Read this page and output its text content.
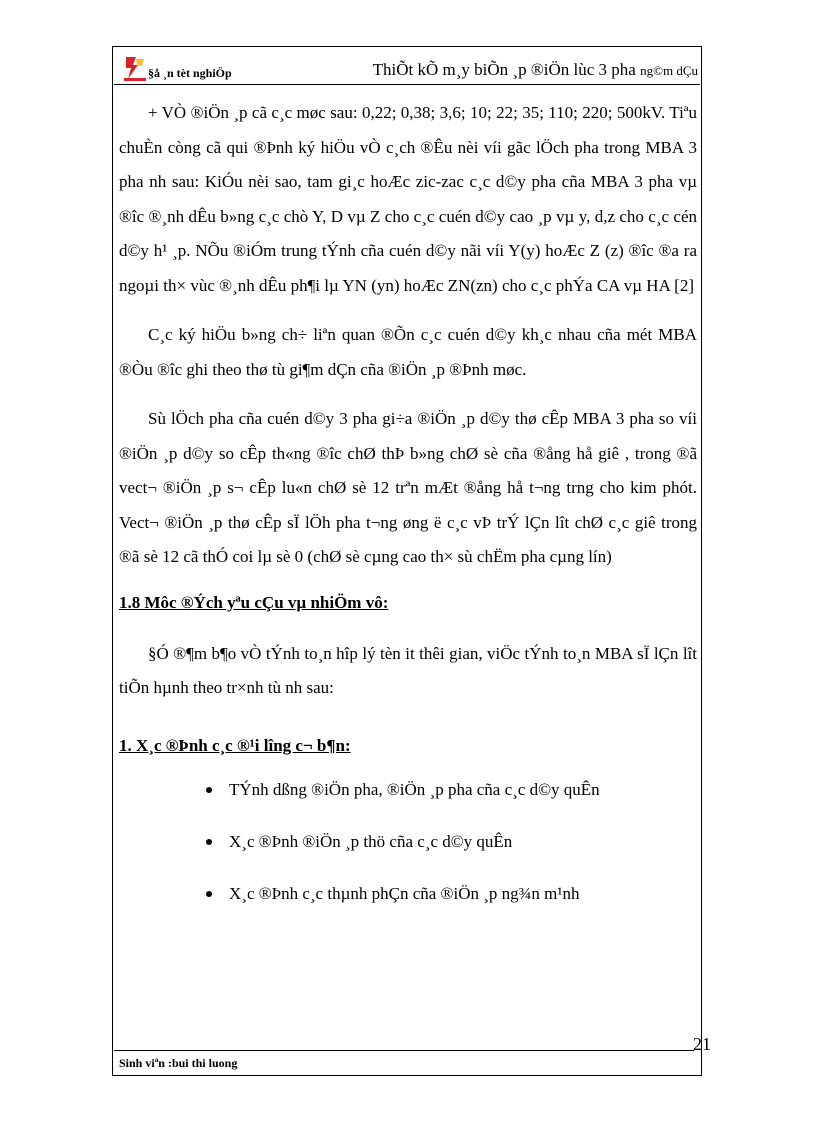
§å ¸n tèt nghiÖp	ThiÕt kÕ m¸y biÕn ¸p ®iÖn lùc 3 pha ng©m dÇu

+ VÒ ®iÖn ¸p cã c¸c møc sau: 0,22; 0,38; 3,6; 10; 22; 35; 110; 220; 500kV. Tiªu chuÈn còng cã qui ®Þnh ký hiÖu vÒ c¸ch ®Êu nèi víi gãc lÖch pha trong MBA 3 pha nh sau: KiÓu nèi sao, tam gi¸c hoÆc zic-zac c¸c d©y pha cña MBA 3 pha vµ ®îc ®¸nh dÊu b»ng c¸c chò Y, D vµ Z cho c¸c cuén d©y cao ¸p vµ y, d,z cho c¸c cén d©y h¹ ¸p. NÕu ®iÓm trung tÝnh cña cuén d©y nãi víi Y(y) hoÆc Z (z) ®îc ®a ra ngoµi th× vùc ®¸nh dÊu ph¶i lµ YN (yn) hoÆc ZN(zn) cho c¸c phÝa CA vµ HA [2]

C¸c ký hiÖu b»ng ch÷ liªn quan ®Õn c¸c cuén d©y kh¸c nhau cña mét MBA ®Òu ®îc ghi theo thø tù gi¶m dÇn cña ®iÖn ¸p ®Þnh møc.

Sù lÖch pha cña cuén d©y 3 pha gi÷a ®iÖn ¸p d©y thø cÊp MBA 3 pha so víi ®iÖn ¸p d©y so cÊp th«ng ®îc chØ thÞ b»ng chØ sè cña ®ång hå giê , trong ®ã vect¬ ®iÖn ¸p s¬ cÊp lu«n chØ sè 12 trªn mÆt ®ång hå t¬ng trng cho kim phót. Vect¬ ®iÖn ¸p thø cÊp sÏ lÖh pha t¬ng øng ë c¸c vÞ trÝ lÇn lît chØ c¸c giê trong ®ã sè 12 cã thÓ coi lµ sè 0 (chØ sè cµng cao th× sù chËm pha cµng lín)

1.8 Môc ®Ých yªu cÇu vµ nhiÖm vô:

§Ó ®¶m b¶o vÒ tÝnh to¸n hîp lý tèn it thêi gian, viÖc tÝnh to¸n MBA sÏ lÇn lît tiÕn hµnh theo tr×nh tù nh sau:

1. X¸c ®Þnh c¸c ®¹i lîng c¬ b¶n:
TÝnh dßng ®iÖn pha, ®iÖn ¸p pha cña c¸c d©y quÊn
X¸c ®Þnh ®iÖn ¸p thö cña c¸c d©y quÊn
X¸c ®Þnh c¸c thµnh phÇn cña ®iÖn ¸p ng¾n m¹nh
21
Sinh viªn :bui thi luong
